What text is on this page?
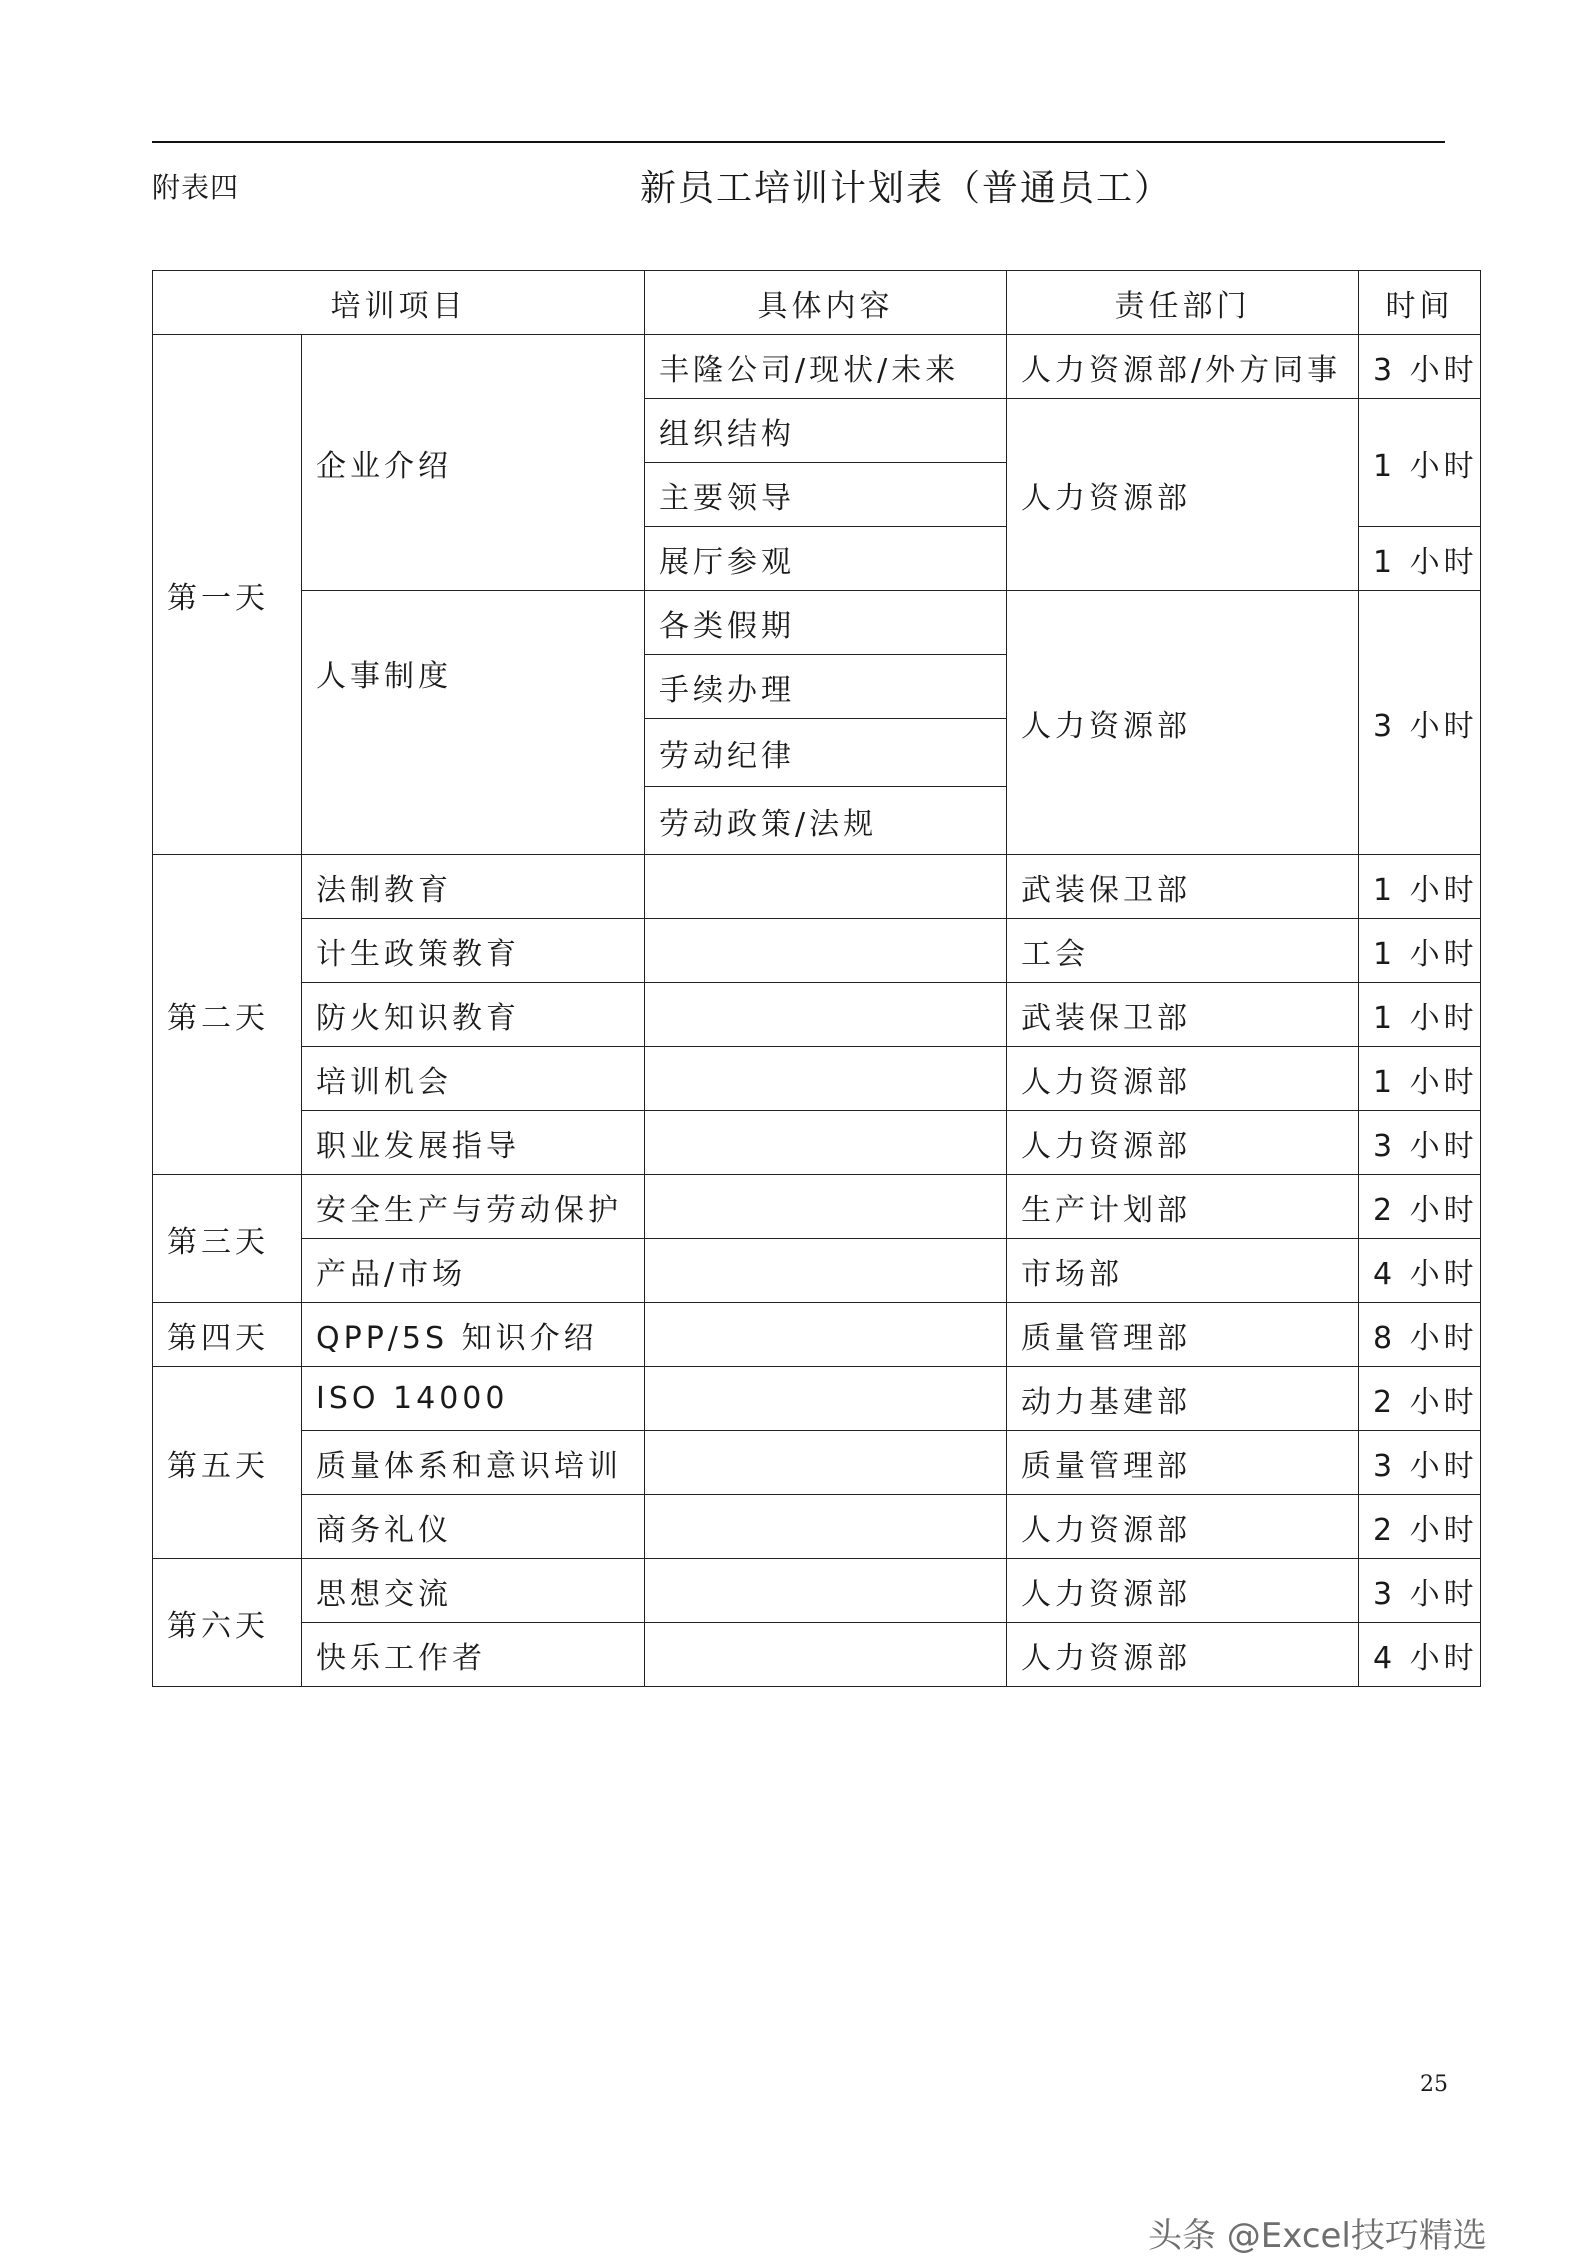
附表四	新员工培训计划表（普通员工）
培训项目		具体内容	责任部门	时间
第一天	企业介绍	丰隆公司/现状/未来	人力资源部/外方同事	3 小时
		组织结构	人力资源部	1 小时
		主要领导		
		展厅参观		1 小时
	人事制度	各类假期	人力资源部	3 小时
		手续办理		
		劳动纪律		
		劳动政策/法规		
第二天	法制教育		武装保卫部	1 小时
	计生政策教育		工会	1 小时
	防火知识教育		武装保卫部	1 小时
	培训机会		人力资源部	1 小时
	职业发展指导		人力资源部	3 小时
第三天	安全生产与劳动保护		生产计划部	2 小时
	产品/市场		市场部	4 小时
第四天	QPP/5S 知识介绍		质量管理部	8 小时
第五天	ISO 14000		动力基建部	2 小时
	质量体系和意识培训		质量管理部	3 小时
	商务礼仪		人力资源部	2 小时
第六天	思想交流		人力资源部	3 小时
	快乐工作者		人力资源部	4 小时
25
头条 @Excel技巧精选
